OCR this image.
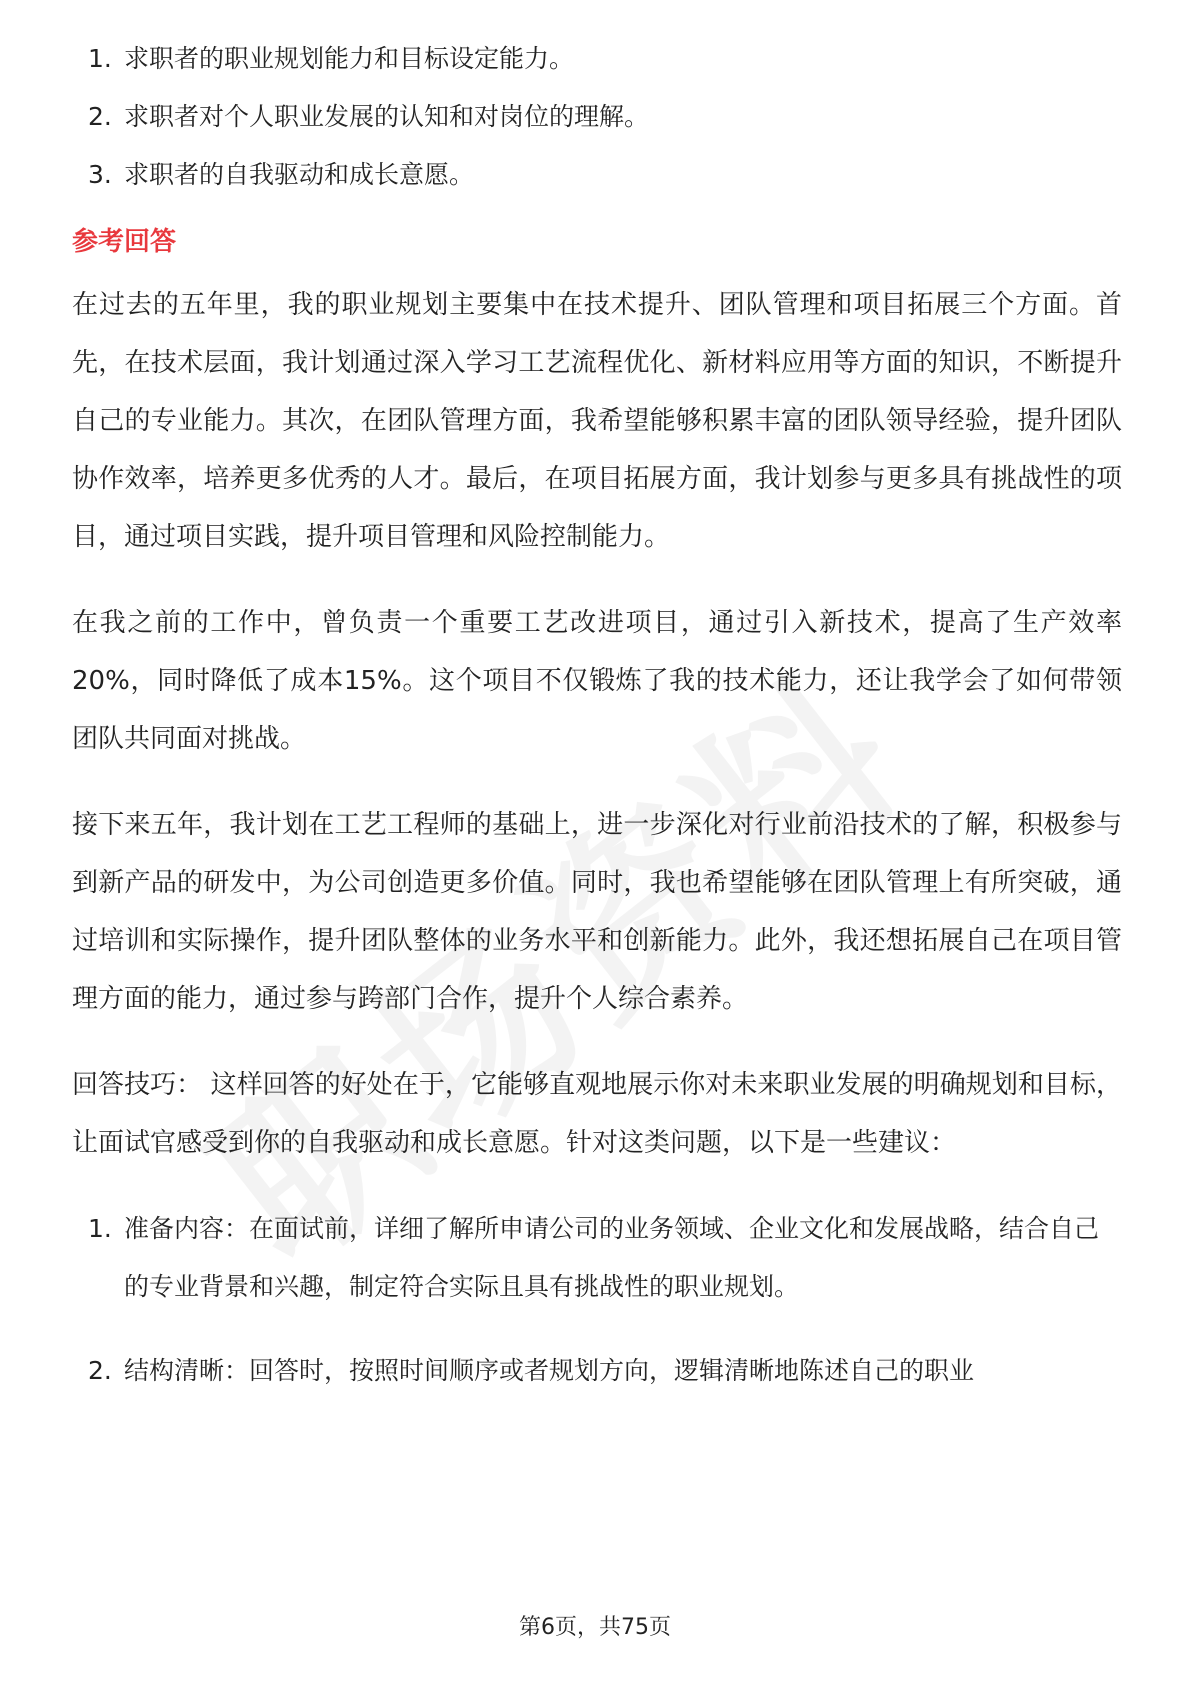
1. 求职者的职业规划能力和目标设定能力。
2. 求职者对个人职业发展的认知和对岗位的理解。
3. 求职者的自我驱动和成长意愿。
参考回答

在过去的五年里，我的职业规划主要集中在技术提升、团队管理和项目拓展三个方面。首先，在技术层面，我计划通过深入学习工艺流程优化、新材料应用等方面的知识，不断提升自己的专业能力。其次，在团队管理方面，我希望能够积累丰富的团队领导经验，提升团队协作效率，培养更多优秀的人才。最后，在项目拓展方面，我计划参与更多具有挑战性的项目，通过项目实践，提升项目管理和风险控制能力。

在我之前的工作中，曾负责一个重要工艺改进项目，通过引入新技术，提高了生产效率20%，同时降低了成本15%。这个项目不仅锻炼了我的技术能力，还让我学会了如何带领团队共同面对挑战。

接下来五年，我计划在工艺工程师的基础上，进一步深化对行业前沿技术的了解，积极参与到新产品的研发中，为公司创造更多价值。同时，我也希望能够在团队管理上有所突破，通过培训和实际操作，提升团队整体的业务水平和创新能力。此外，我还想拓展自己在项目管理方面的能力，通过参与跨部门合作，提升个人综合素养。

回答技巧： 这样回答的好处在于，它能够直观地展示你对未来职业发展的明确规划和目标，让面试官感受到你的自我驱动和成长意愿。针对这类问题，以下是一些建议：

1. 准备内容：在面试前，详细了解所申请公司的业务领域、企业文化和发展战略，结合自己的专业背景和兴趣，制定符合实际且具有挑战性的职业规划。
2. 结构清晰：回答时，按照时间顺序或者规划方向，逻辑清晰地陈述自己的职业
第6页，共75页
